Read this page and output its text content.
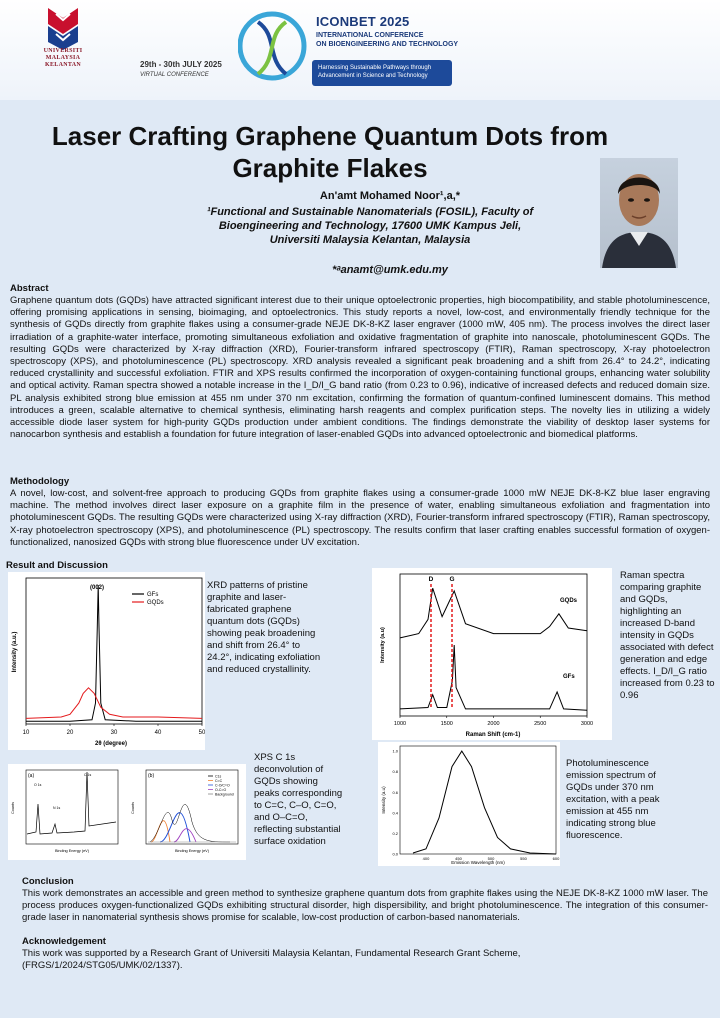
UNIVERSITI
MALAYSIA
KELANTAN
ICONBET 2025
INTERNATIONAL CONFERENCE
ON BIOENGINEERING AND TECHNOLOGY
Harnessing Sustainable Pathways through
Advancement in Science and Technology
29th - 30th JULY 2025
VIRTUAL CONFERENCE
Laser Crafting Graphene Quantum Dots from Graphite Flakes
An'amt Mohamed Noor¹,a,*
¹Functional and Sustainable Nanomaterials (FOSIL), Faculty of
Bioengineering and Technology, 17600 UMK Kampus Jeli,
Universiti Malaysia Kelantan, Malaysia
*ᵃanamt@umk.edu.my
Abstract
Graphene quantum dots (GQDs) have attracted significant interest due to their unique optoelectronic properties, high biocompatibility, and stable photoluminescence, offering promising applications in sensing, bioimaging, and optoelectronics. This study reports a novel, low-cost, and environmentally friendly technique for the synthesis of GQDs directly from graphite flakes using a consumer-grade NEJE DK-8-KZ laser engraver (1000 mW, 405 nm). The process involves the direct laser irradiation of a graphite-water interface, promoting simultaneous exfoliation and oxidative fragmentation of graphite into nanoscale, photoluminescent GQDs. The resulting GQDs were characterized by X-ray diffraction (XRD), Fourier-transform infrared spectroscopy (FTIR), Raman spectroscopy, X-ray photoelectron spectroscopy (XPS), and photoluminescence (PL) spectroscopy. XRD analysis revealed a significant peak broadening and a shift from 26.4° to 24.2°, indicating reduced crystallinity and successful exfoliation. FTIR and XPS results confirmed the incorporation of oxygen-containing functional groups, enhancing water solubility and optical activity. Raman spectra showed a notable increase in the I_D/I_G band ratio (from 0.23 to 0.96), indicative of increased defects and reduced domain size. PL analysis exhibited strong blue emission at 455 nm under 370 nm excitation, confirming the formation of quantum-confined luminescent domains. This method introduces a green, scalable alternative to chemical synthesis, eliminating harsh reagents and complex purification steps. The novelty lies in utilizing a widely accessible diode laser system for high-purity GQDs production under ambient conditions. The findings demonstrate the viability of desktop laser systems for nanocarbon synthesis and establish a foundation for future integration of laser-enabled GQDs into advanced optoelectronic and biomedical platforms.
Methodology
A novel, low-cost, and solvent-free approach to producing GQDs from graphite flakes using a consumer-grade 1000 mW NEJE DK-8-KZ blue laser engraving machine. The method involves direct laser exposure on a graphite film in the presence of water, enabling simultaneous exfoliation and fragmentation into photoluminescent GQDs. The resulting GQDs were characterized using X-ray diffraction (XRD), Fourier-transform infrared spectroscopy (FTIR), Raman spectroscopy, X-ray photoelectron spectroscopy (XPS), and photoluminescence (PL) spectroscopy. The results confirm that laser crafting enables successful formation of oxygen-functionalized, nanosized GQDs with strong blue fluorescence under UV excitation.
Result and Discussion
10	20	30	40	50
(002)
GFs
GQDs
2θ (degree)
Intensity (a.u.)
XRD patterns of pristine graphite and laser-fabricated graphene quantum dots (GQDs) showing peak broadening and shift from 26.4° to 24.2°, indicating exfoliation and reduced crystallinity.
1000	1500	2000	2500	3000
D G
GQDs
GFs
Raman Shift (cm-1)
Intensity (a.u)
Raman spectra comparing graphite and GQDs, highlighting an increased D-band intensity in GQDs associated with defect generation and edge effects. I_D/I_G ratio increased from 0.23 to 0.96
(a)
O 1s
N 1s
C 1s
Binding Energy (eV)
Counts
(b)	C1s
C=C
C-O/C=O
O-C=O
Background
Binding Energy (eV)
Counts
XPS C 1s deconvolution of GQDs showing peaks corresponding to C=C, C–O, C=O, and O–C=O, reflecting substantial surface oxidation
400	450	500	550	600
0.0
0.2
0.4
0.6
0.8
1.0
Emission Wavelength (nm)
Intensity (a.u)
Photoluminescence emission spectrum of GQDs under 370 nm excitation, with a peak emission at 455 nm indicating strong blue fluorescence.
Conclusion
This work demonstrates an accessible and green method to synthesize graphene quantum dots from graphite flakes using the NEJE DK-8-KZ 1000 mW laser. The process produces oxygen-functionalized GQDs exhibiting structural disorder, high dispersibility, and bright photoluminescence. The integration of this consumer-grade laser in nanomaterial synthesis shows promise for scalable, low-cost production of carbon-based nanomaterials.
Acknowledgement
This work was supported by a Research Grant of Universiti Malaysia Kelantan, Fundamental Research Grant Scheme, (FRGS/1/2024/STG05/UMK/02/1337).
